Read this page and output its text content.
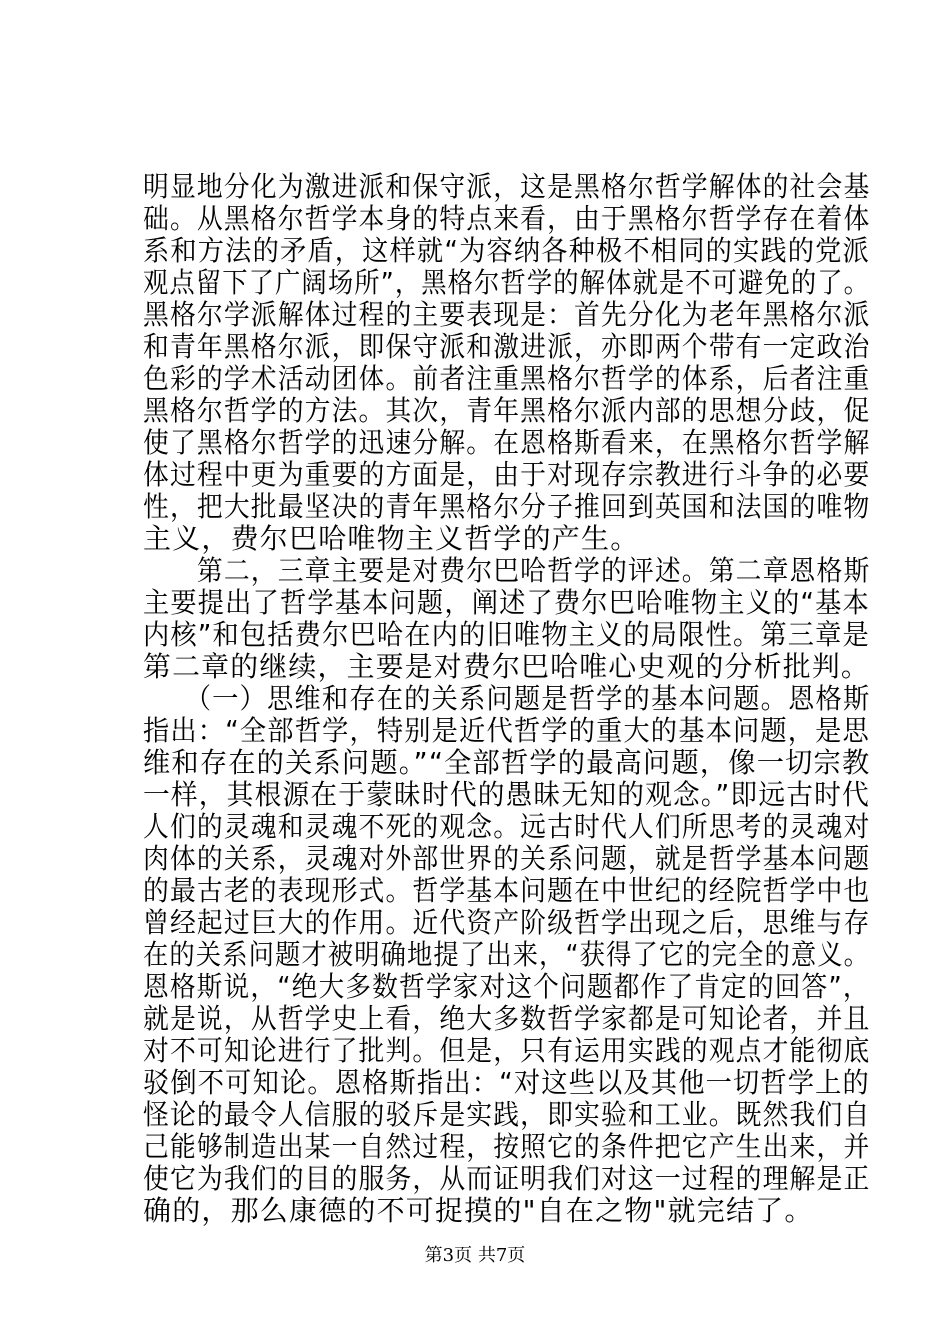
明显地分化为激进派和保守派，这是黑格尔哲学解体的社会基
础。从黑格尔哲学本身的特点来看，由于黑格尔哲学存在着体
系和方法的矛盾，这样就“为容纳各种极不相同的实践的党派
观点留下了广阔场所”，黑格尔哲学的解体就是不可避免的了。
黑格尔学派解体过程的主要表现是：首先分化为老年黑格尔派
和青年黑格尔派，即保守派和激进派，亦即两个带有一定政治
色彩的学术活动团体。前者注重黑格尔哲学的体系，后者注重
黑格尔哲学的方法。其次，青年黑格尔派内部的思想分歧，促
使了黑格尔哲学的迅速分解。在恩格斯看来，在黑格尔哲学解
体过程中更为重要的方面是，由于对现存宗教进行斗争的必要
性，把大批最坚决的青年黑格尔分子推回到英国和法国的唯物
主义，费尔巴哈唯物主义哲学的产生。
　　第二，三章主要是对费尔巴哈哲学的评述。第二章恩格斯
主要提出了哲学基本问题，阐述了费尔巴哈唯物主义的“基本
内核”和包括费尔巴哈在内的旧唯物主义的局限性。第三章是
第二章的继续，主要是对费尔巴哈唯心史观的分析批判。
　　（一）思维和存在的关系问题是哲学的基本问题。恩格斯
指出：“全部哲学，特别是近代哲学的重大的基本问题，是思
维和存在的关系问题。”“全部哲学的最高问题，像一切宗教
一样，其根源在于蒙昧时代的愚昧无知的观念。”即远古时代
人们的灵魂和灵魂不死的观念。远古时代人们所思考的灵魂对
肉体的关系，灵魂对外部世界的关系问题，就是哲学基本问题
的最古老的表现形式。哲学基本问题在中世纪的经院哲学中也
曾经起过巨大的作用。近代资产阶级哲学出现之后，思维与存
在的关系问题才被明确地提了出来，“获得了它的完全的意义。
恩格斯说，“绝大多数哲学家对这个问题都作了肯定的回答”，
就是说，从哲学史上看，绝大多数哲学家都是可知论者，并且
对不可知论进行了批判。但是，只有运用实践的观点才能彻底
驳倒不可知论。恩格斯指出：“对这些以及其他一切哲学上的
怪论的最令人信服的驳斥是实践，即实验和工业。既然我们自
己能够制造出某一自然过程，按照它的条件把它产生出来，并
使它为我们的目的服务，从而证明我们对这一过程的理解是正
确的，那么康德的不可捉摸的"自在之物"就完结了。
第3页 共7页
